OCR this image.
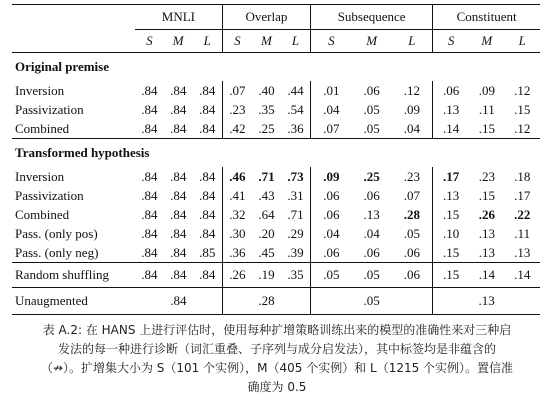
	MNLI			Overlap			Subsequence			Constituent		
	S	M	L	S	M	L	S	M	L	S	M	L
Original premise												
Inversion	.84	.84	.84	.07	.40	.44	.01	.06	.12	.06	.09	.12
Passivization	.84	.84	.84	.23	.35	.54	.04	.05	.09	.13	.11	.15
Combined	.84	.84	.84	.42	.25	.36	.07	.05	.04	.14	.15	.12
Transformed hypothesis												
Inversion	.84	.84	.84	.46	.71	.73	.09	.25	.23	.17	.23	.18
Passivization	.84	.84	.84	.41	.43	.31	.06	.06	.07	.13	.15	.17
Combined	.84	.84	.84	.32	.64	.71	.06	.13	.28	.15	.26	.22
Pass. (only pos)	.84	.84	.84	.30	.20	.29	.04	.04	.05	.10	.13	.11
Pass. (only neg)	.84	.84	.85	.36	.45	.39	.06	.06	.06	.15	.13	.13
Random shuffling	.84	.84	.84	.26	.19	.35	.05	.05	.06	.15	.14	.14
Unaugmented	.84			.28			.05			.13		
表 A.2: 在 HANS 上进行评估时，使用每种扩增策略训练出来的模型的准确性来对三种启
发法的每一种进行诊断（词汇重叠、子序列与成分启发法），其中标签均是非蕴含的
（↛）。扩增集大小为 S（101 个实例），M（405 个实例）和 L（1215 个实例）。置信准
确度为 0.5
